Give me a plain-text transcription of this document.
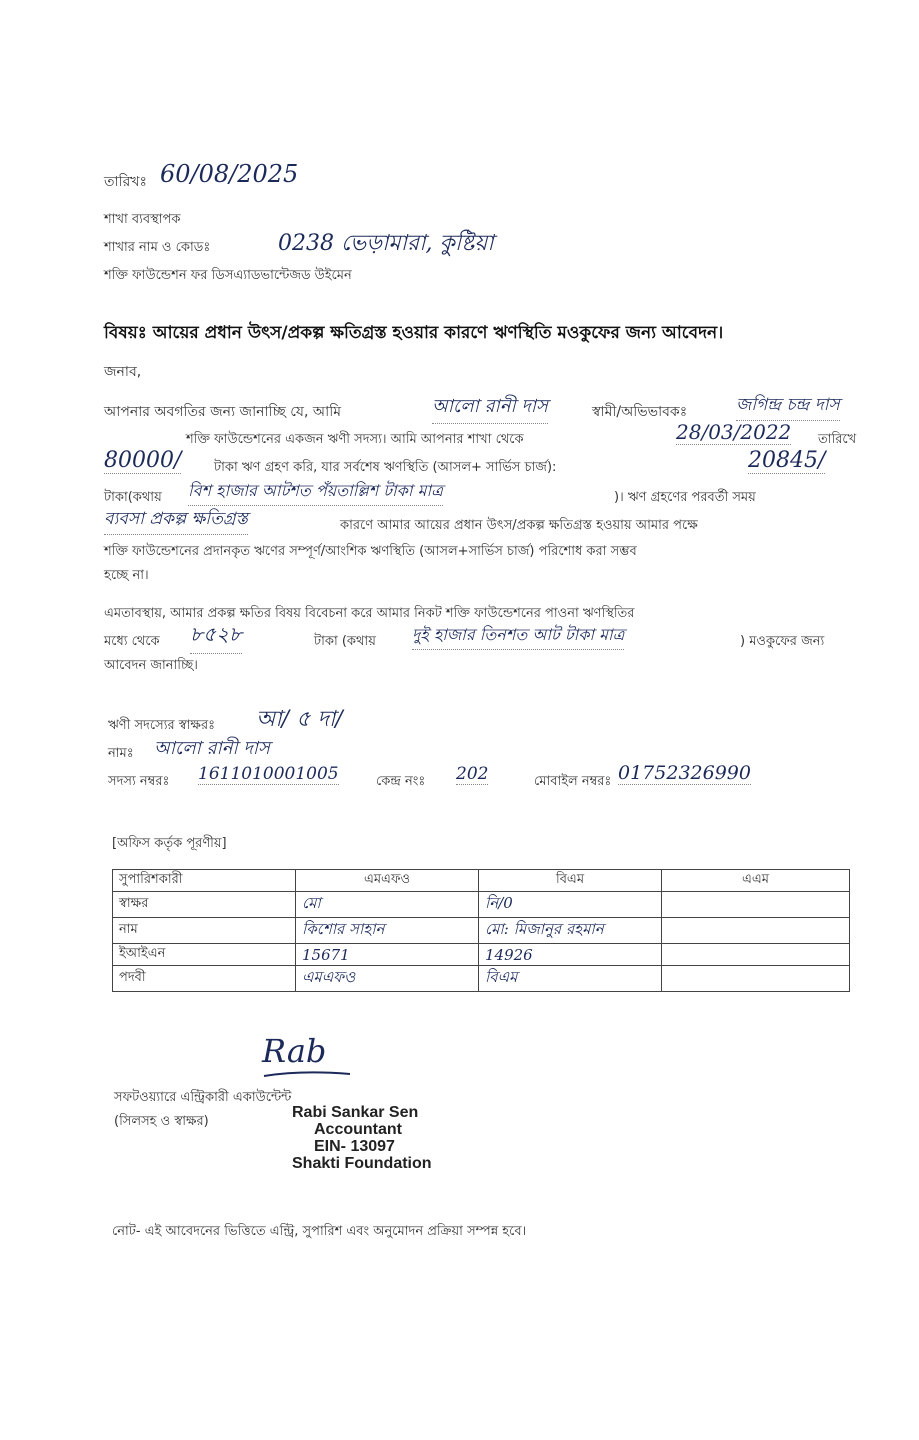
তারিখঃ 60/08/2025
শাখা ব্যবস্থাপক
শাখার নাম ও কোডঃ	0238 ভেড়ামারা, কুষ্টিয়া
শক্তি ফাউন্ডেশন ফর ডিসএ্যাডভান্টেজড উইমেন
বিষয়ঃ আয়ের প্রধান উৎস/প্রকল্প ক্ষতিগ্রস্ত হওয়ার কারণে ঋণস্থিতি মওকুফের জন্য আবেদন।
জনাব,
আপনার অবগতির জন্য জানাচ্ছি যে, আমি	আলো রানী দাস	স্বামী/অভিভাবকঃ	জগিন্দ্র চন্দ্র দাস
শক্তি ফাউন্ডেশনের একজন ঋণী সদস্য। আমি আপনার শাখা থেকে	28/03/2022 তারিখে
80000/	টাকা ঋণ গ্রহণ করি, যার সর্বশেষ ঋণস্থিতি (আসল+ সার্ভিস চার্জ):	20845/
টাকা(কথায় বিশ হাজার আটশত পঁয়তাল্লিশ টাকা মাত্র	)। ঋণ গ্রহণের পরবর্তী সময়
ব্যবসা প্রকল্প ক্ষতিগ্রস্ত	কারণে আমার আয়ের প্রধান উৎস/প্রকল্প ক্ষতিগ্রস্ত হওয়ায় আমার পক্ষে
শক্তি ফাউন্ডেশনের প্রদানকৃত ঋণের সম্পূর্ণ/আংশিক ঋণস্থিতি (আসল+সার্ভিস চার্জ) পরিশোধ করা সম্ভব
হচ্ছে না।
এমতাবস্থায়, আমার প্রকল্প ক্ষতির বিষয় বিবেচনা করে আমার নিকট শক্তি ফাউন্ডেশনের পাওনা ঋণস্থিতির
মধ্যে থেকে ৮৫২৮	টাকা (কথায় দুই হাজার তিনশত আট টাকা মাত্র	) মওকুফের জন্য
আবেদন জানাচ্ছি।
ঋণী সদস্যের স্বাক্ষরঃ আ/ ৫ দা/
নামঃ আলো রানী দাস
সদস্য নম্বরঃ 1611010001005	কেন্দ্র নংঃ 202	মোবাইল নম্বরঃ 01752326990
[অফিস কর্তৃক পূরণীয়]
সুপারিশকারী	এমএফও	বিএম	এএম
স্বাক্ষর	মো	নি/0	
নাম	কিশোর সাহান	মো: মিজানুর রহমান	
ইআইএন	15671	14926	
পদবী	এমএফও	বিএম	
Rab
সফটওয়্যারে এন্ট্রিকারী একাউন্টেন্ট
(সিলসহ ও স্বাক্ষর)
Rabi Sankar Sen
Accountant
EIN- 13097
Shakti Foundation
নোট- এই আবেদনের ভিত্তিতে এন্ট্রি, সুপারিশ এবং অনুমোদন প্রক্রিয়া সম্পন্ন হবে।
